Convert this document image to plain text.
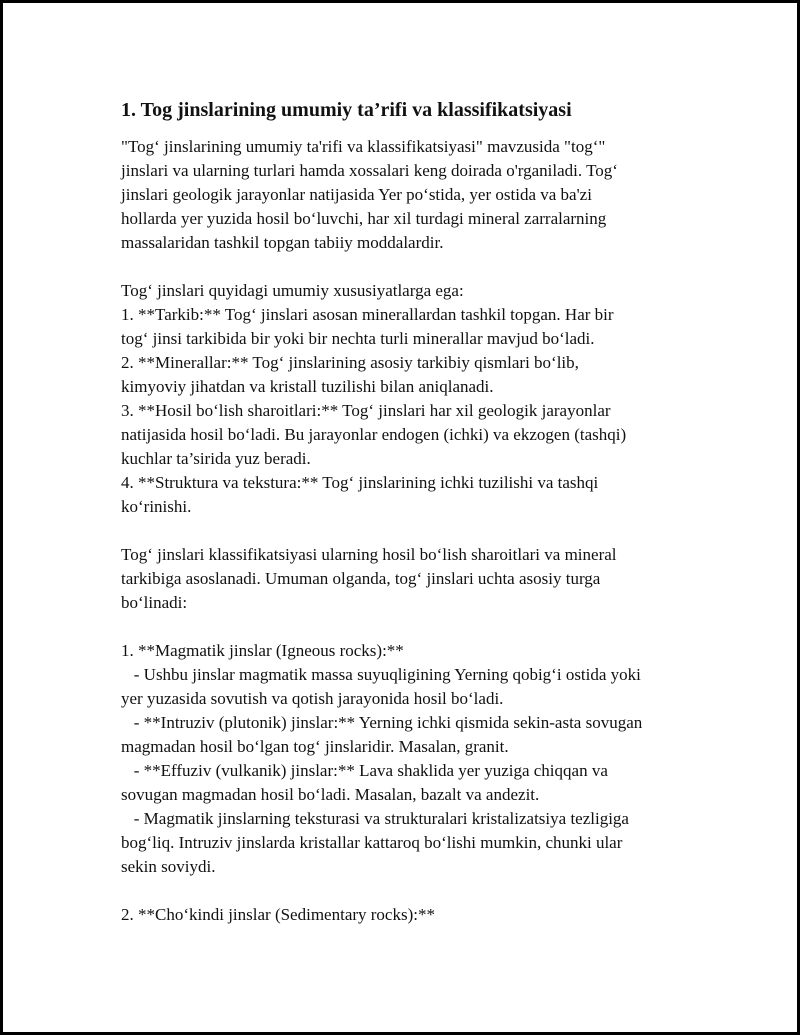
1. Tog jinslarining umumiy ta’rifi va klassifikatsiyasi
"Tog‘ jinslarining umumiy ta'rifi va klassifikatsiyasi" mavzusida "tog‘"
jinslari va ularning turlari hamda xossalari keng doirada o'rganiladi. Tog‘
jinslari geologik jarayonlar natijasida Yer po‘stida, yer ostida va ba'zi
hollarda yer yuzida hosil bo‘luvchi, har xil turdagi mineral zarralarning
massalaridan tashkil topgan tabiiy moddalardir.
Tog‘ jinslari quyidagi umumiy xususiyatlarga ega:
1. **Tarkib:** Tog‘ jinslari asosan minerallardan tashkil topgan. Har bir
tog‘ jinsi tarkibida bir yoki bir nechta turli minerallar mavjud bo‘ladi.
2. **Minerallar:** Tog‘ jinslarining asosiy tarkibiy qismlari bo‘lib,
kimyoviy jihatdan va kristall tuzilishi bilan aniqlanadi.
3. **Hosil bo‘lish sharoitlari:** Tog‘ jinslari har xil geologik jarayonlar
natijasida hosil bo‘ladi. Bu jarayonlar endogen (ichki) va ekzogen (tashqi)
kuchlar ta’sirida yuz beradi.
4. **Struktura va tekstura:** Tog‘ jinslarining ichki tuzilishi va tashqi
ko‘rinishi.
Tog‘ jinslari klassifikatsiyasi ularning hosil bo‘lish sharoitlari va mineral
tarkibiga asoslanadi. Umuman olganda, tog‘ jinslari uchta asosiy turga
bo‘linadi:
1. **Magmatik jinslar (Igneous rocks):**
- Ushbu jinslar magmatik massa suyuqligining Yerning qobig‘i ostida yoki
yer yuzasida sovutish va qotish jarayonida hosil bo‘ladi.
- **Intruziv (plutonik) jinslar:** Yerning ichki qismida sekin-asta sovugan
magmadan hosil bo‘lgan tog‘ jinslaridir. Masalan, granit.
- **Effuziv (vulkanik) jinslar:** Lava shaklida yer yuziga chiqqan va
sovugan magmadan hosil bo‘ladi. Masalan, bazalt va andezit.
- Magmatik jinslarning teksturasi va strukturalari kristalizatsiya tezligiga
bog‘liq. Intruziv jinslarda kristallar kattaroq bo‘lishi mumkin, chunki ular
sekin soviydi.
2. **Cho‘kindi jinslar (Sedimentary rocks):**
